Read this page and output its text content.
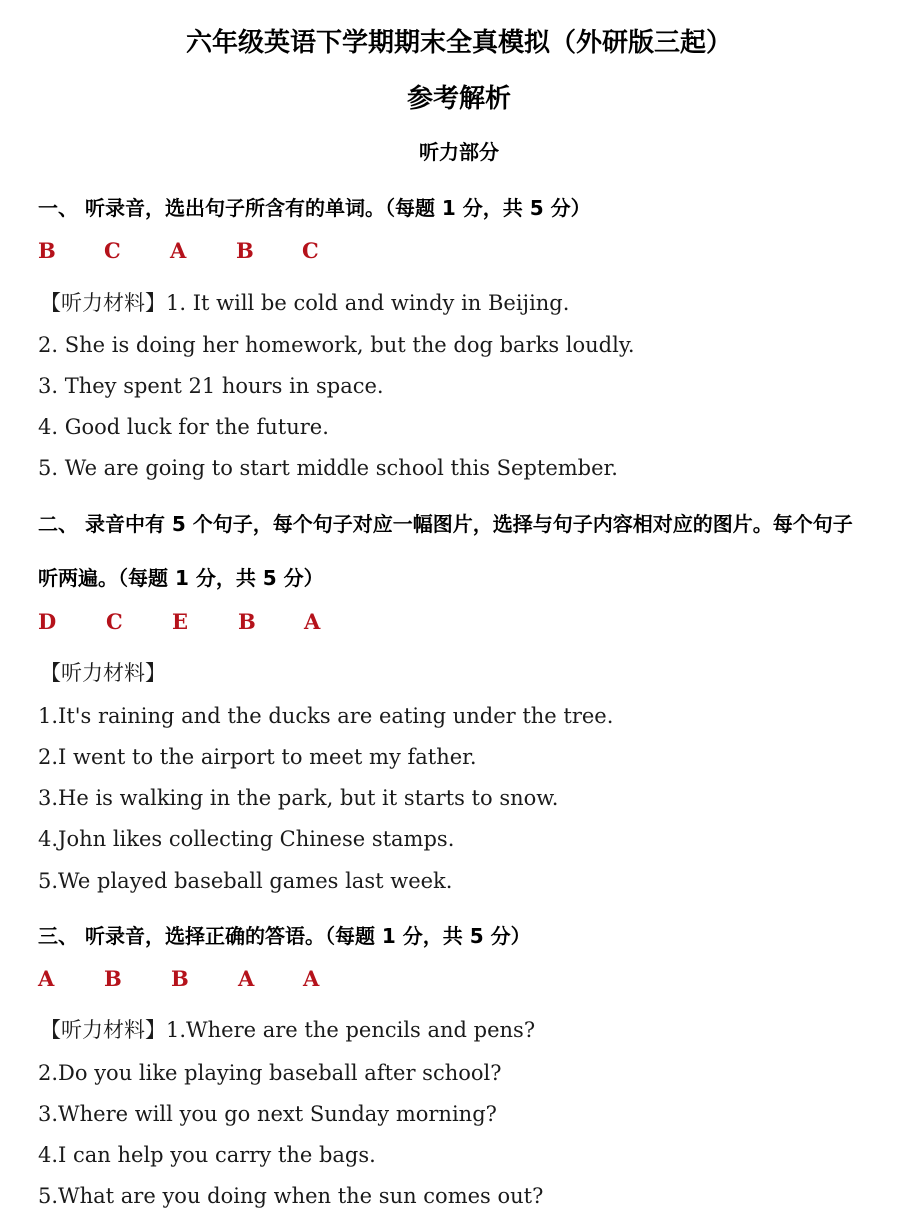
六年级英语下学期期末全真模拟（外研版三起）
参考解析
听力部分
一、 听录音，选出句子所含有的单词。（每题 1 分，共 5 分）
B C A B C
【听力材料】1. It will be cold and windy in Beijing.
2. She is doing her homework, but the dog barks loudly.
3. They spent 21 hours in space.
4. Good luck for the future.
5. We are going to start middle school this September.
二、 录音中有 5 个句子，每个句子对应一幅图片，选择与句子内容相对应的图片。每个句子
听两遍。（每题 1 分，共 5 分）
D C E B A
【听力材料】
1.It's raining and the ducks are eating under the tree.
2.I went to the airport to meet my father.
3.He is walking in the park, but it starts to snow.
4.John likes collecting Chinese stamps.
5.We played baseball games last week.
三、 听录音，选择正确的答语。（每题 1 分，共 5 分）
A B B A A
【听力材料】1.Where are the pencils and pens?
2.Do you like playing baseball after school?
3.Where will you go next Sunday morning?
4.I can help you carry the bags.
5.What are you doing when the sun comes out?
